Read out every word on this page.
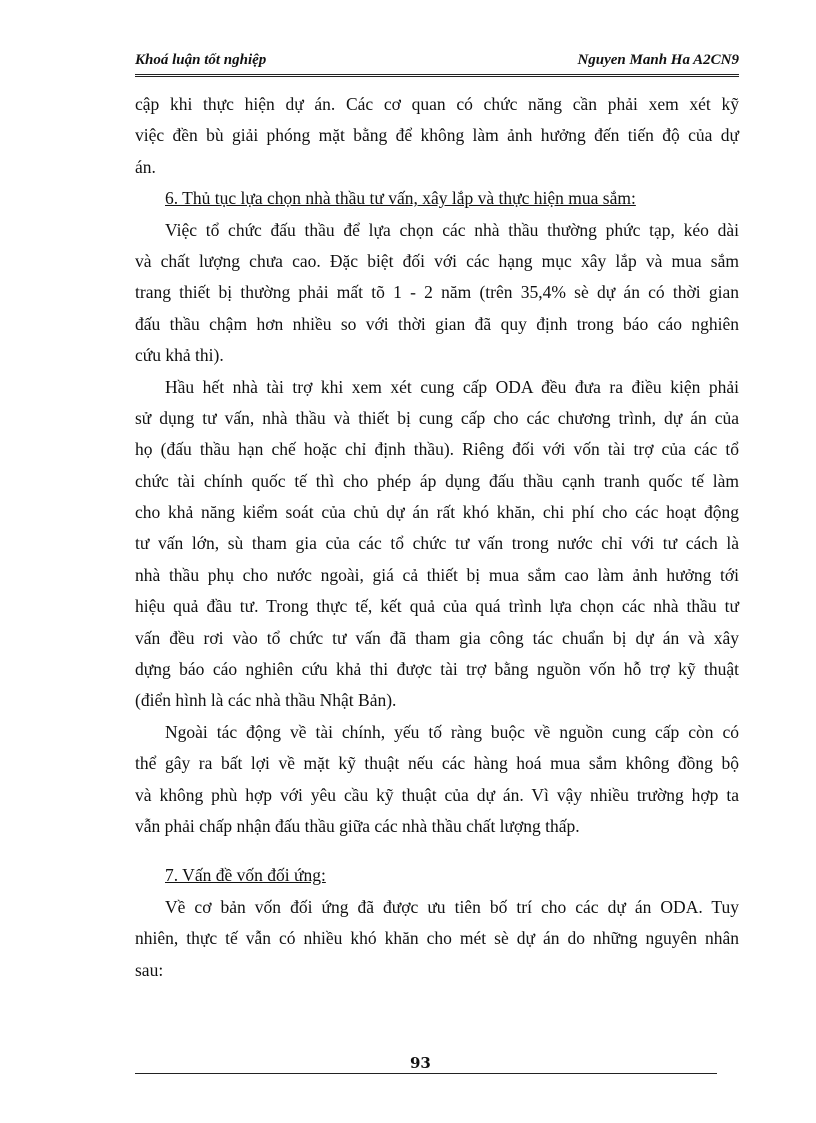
Khoá luận tốt nghiệp	Nguyen Manh Ha A2CN9
cập khi thực hiện dự án. Các cơ quan có chức năng cần phải xem xét kỹ
việc đền bù giải phóng mặt bằng để không làm ảnh hưởng đến tiến độ của dự
án.
6. Thủ tục lựa chọn nhà thầu tư vấn, xây lắp và thực hiện mua sắm:
Việc tổ chức đấu thầu để lựa chọn các nhà thầu thường phức tạp, kéo dài
và chất lượng chưa cao. Đặc biệt đối với các hạng mục xây lắp và mua sắm
trang thiết bị thường phải mất tõ 1 - 2 năm (trên 35,4% sè dự án có thời gian
đấu thầu chậm hơn nhiều so với thời gian đã quy định trong báo cáo nghiên
cứu khả thi).
Hầu hết nhà tài trợ khi xem xét cung cấp ODA đều đưa ra điều kiện phải
sử dụng tư vấn, nhà thầu và thiết bị cung cấp cho các chương trình, dự án của
họ (đấu thầu hạn chế hoặc chỉ định thầu). Riêng đối với vốn tài trợ của các tổ
chức tài chính quốc tế thì cho phép áp dụng đấu thầu cạnh tranh quốc tế làm
cho khả năng kiểm soát của chủ dự án rất khó khăn, chi phí cho các hoạt động
tư vấn lớn, sù tham gia của các tổ chức tư vấn trong nước chỉ với tư cách là
nhà thầu phụ cho nước ngoài, giá cả thiết bị mua sắm cao làm ảnh hưởng tới
hiệu quả đầu tư. Trong thực tế, kết quả của quá trình lựa chọn các nhà thầu tư
vấn đều rơi vào tổ chức tư vấn đã tham gia công tác chuẩn bị dự án và xây
dựng báo cáo nghiên cứu khả thi được tài trợ bằng nguồn vốn hỗ trợ kỹ thuật
(điển hình là các nhà thầu Nhật Bản).
Ngoài tác động về tài chính, yếu tố ràng buộc về nguồn cung cấp còn có
thể gây ra bất lợi về mặt kỹ thuật nếu các hàng hoá mua sắm không đồng bộ
và không phù hợp với yêu cầu kỹ thuật của dự án. Vì vậy nhiều trường hợp ta
vẫn phải chấp nhận đấu thầu giữa các nhà thầu chất lượng thấp.
7. Vấn đề vốn đối ứng:
Về cơ bản vốn đối ứng đã được ưu tiên bố trí cho các dự án ODA. Tuy
nhiên, thực tế vẫn có nhiều khó khăn cho mét sè dự án do những nguyên nhân
sau:
93
